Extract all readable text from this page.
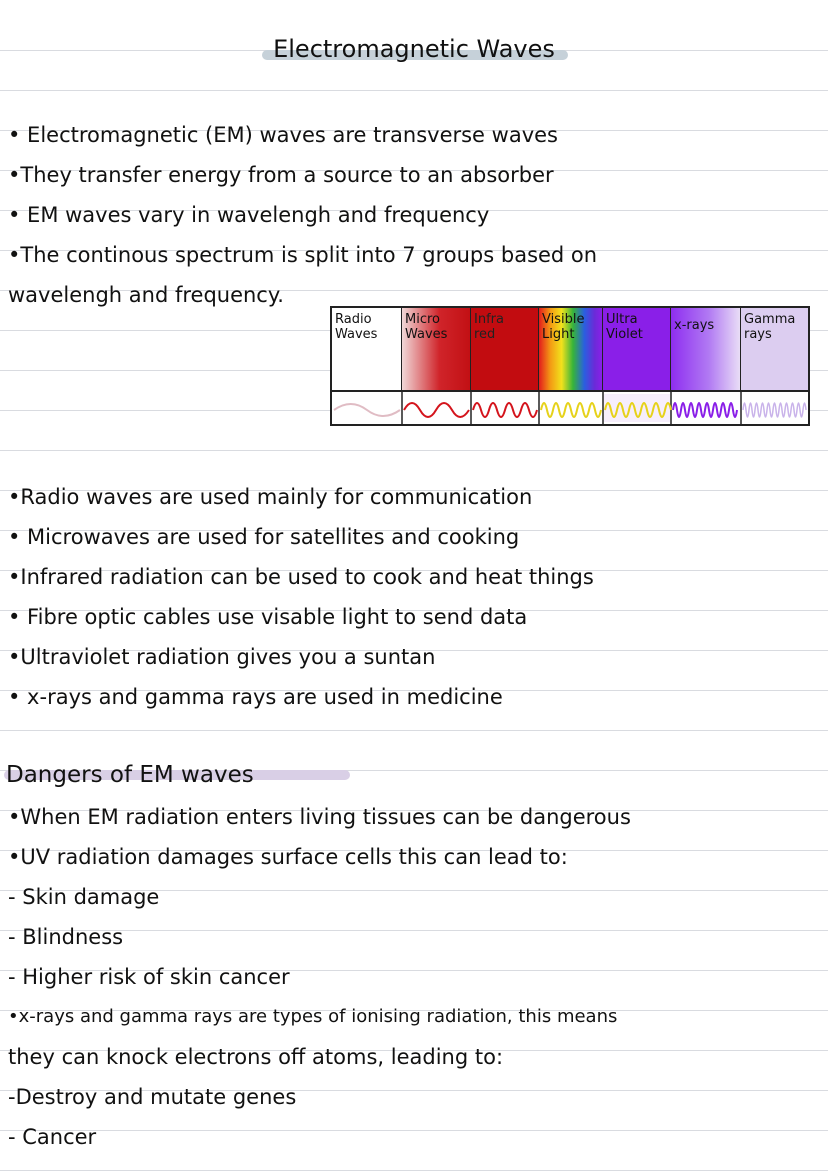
Electromagnetic Waves
• Electromagnetic (EM) waves are transverse waves
•They transfer energy from a source to an absorber
• EM waves vary in wavelengh and frequency
•The continous spectrum is split into 7 groups based on
wavelengh and frequency.
Radio
Waves
Micro
Waves
Infra
red
Visible
Light
Ultra
Violet
x-rays	Gamma
rays
•Radio waves are used mainly for communication
• Microwaves are used for satellites and cooking
•Infrared radiation can be used to cook and heat things
• Fibre optic cables use visable light to send data
•Ultraviolet radiation gives you a suntan
• x-rays and gamma rays are used in medicine
Dangers of EM waves
•When EM radiation enters living tissues can be dangerous
•UV radiation damages surface cells this can lead to:
- Skin damage
- Blindness
- Higher risk of skin cancer
•x-rays and gamma rays are types of ionising radiation, this means
they can knock electrons off atoms, leading to:
-Destroy and mutate genes
- Cancer
